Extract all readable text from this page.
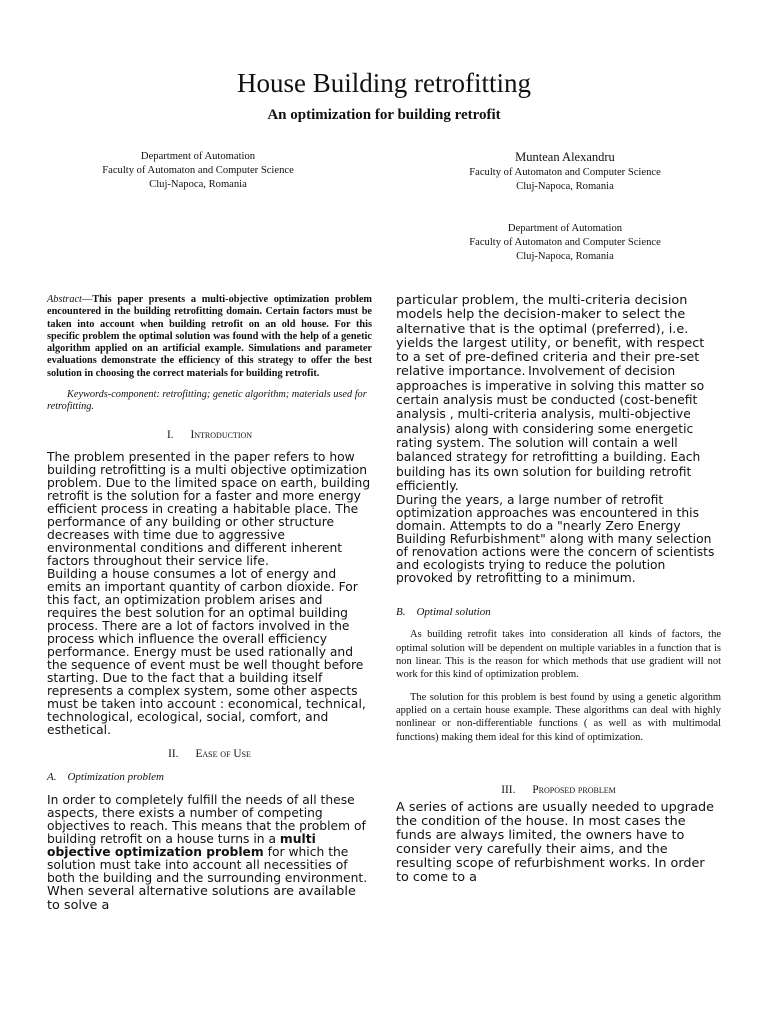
House Building retrofitting
An optimization for building retrofit
Department of Automation
Faculty of Automaton and Computer Science
Cluj-Napoca, Romania
Muntean Alexandru
Faculty of Automaton and Computer Science
Cluj-Napoca, Romania
Department of Automation
Faculty of Automaton and Computer Science
Cluj-Napoca, Romania

Abstract—This paper presents a multi-objective optimization problem encountered in the building retrofitting domain. Certain factors must be taken into account when building retrofit on an old house. For this specific problem the optimal solution was found with the help of a genetic algorithm applied on an artificial example. Simulations and parameter evaluations demonstrate the efficiency of this strategy to offer the best solution in choosing the correct materials for building retrofit.

Keywords-component: retrofitting; genetic algorithm; materials used for retrofitting.

I. Introduction

The problem presented in the paper refers to how building retrofitting is a multi objective optimization problem. Due to the limited space on earth, building retrofit is the solution for a faster and more energy efficient process in creating a habitable place. The performance of any building or other structure decreases with time due to aggressive environmental conditions and different inherent factors throughout their service life.

Building a house consumes a lot of energy and emits an important quantity of carbon dioxide. For this fact, an optimization problem arises and requires the best solution for an optimal building process. There are a lot of factors involved in the process which influence the overall efficiency performance. Energy must be used rationally and the sequence of event must be well thought before starting. Due to the fact that a building itself represents a complex system, some other aspects must be taken into account : economical, technical, technological, ecological, social, comfort, and esthetical.

II. Ease of Use

A. Optimization problem

In order to completely fulfill the needs of all these aspects, there exists a number of competing objectives to reach. This means that the problem of building retrofit on a house turns in a multi objective optimization problem for which the solution must take into account all necessities of both the building and the surrounding environment. When several alternative solutions are available to solve a

particular problem, the multi-criteria decision models help the decision-maker to select the alternative that is the optimal (preferred), i.e. yields the largest utility, or benefit, with respect to a set of pre-defined criteria and their pre-set relative importance. Involvement of decision approaches is imperative in solving this matter so certain analysis must be conducted (cost-benefit analysis , multi-criteria analysis, multi-objective analysis) along with considering some energetic rating system. The solution will contain a well balanced strategy for retrofitting a building. Each building has its own solution for building retrofit efficiently.

During the years, a large number of retrofit optimization approaches was encountered in this domain. Attempts to do a "nearly Zero Energy Building Refurbishment" along with many selection of renovation actions were the concern of scientists and ecologists trying to reduce the polution provoked by retrofitting to a minimum.

B. Optimal solution

As building retrofit takes into consideration all kinds of factors, the optimal solution will be dependent on multiple variables in a function that is non linear. This is the reason for which methods that use gradient will not work for this kind of optimization problem.

The solution for this problem is best found by using a genetic algorithm applied on a certain house example. These algorithms can deal with highly nonlinear or non-differentiable functions ( as well as with multimodal functions) making them ideal for this kind of optimization.

III. Proposed problem

A series of actions are usually needed to upgrade the condition of the house. In most cases the funds are always limited, the owners have to consider very carefully their aims, and the resulting scope of refurbishment works. In order to come to a
